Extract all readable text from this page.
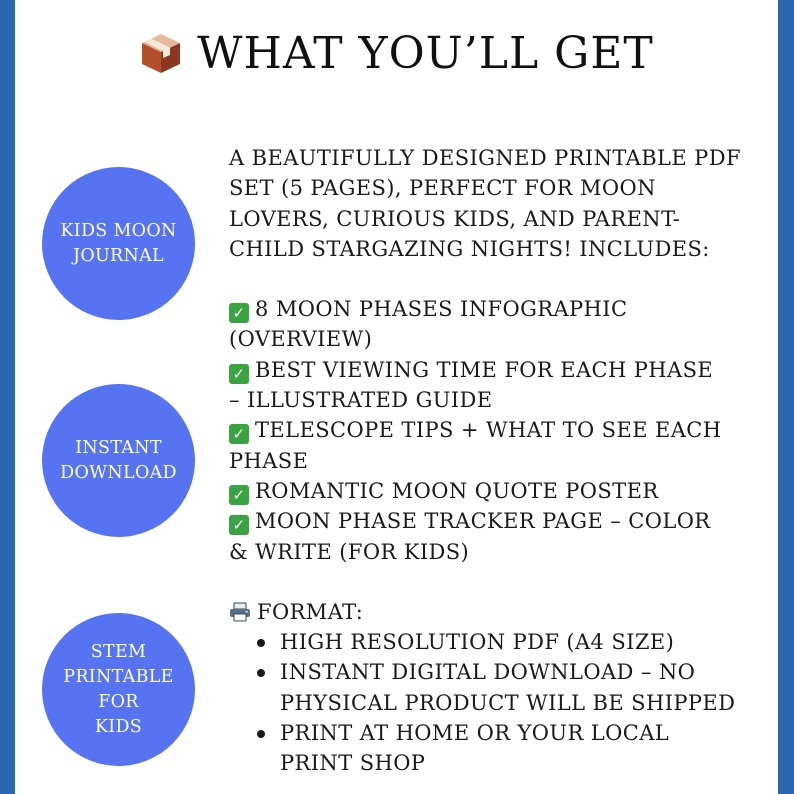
WHAT YOU’LL GET
KIDS MOON
JOURNAL
INSTANT
DOWNLOAD
STEM
PRINTABLE FOR
KIDS
A BEAUTIFULLY DESIGNED PRINTABLE PDF
SET (5 PAGES), PERFECT FOR MOON
LOVERS, CURIOUS KIDS, AND PARENT-
CHILD STARGAZING NIGHTS! INCLUDES:
✓ 8 MOON PHASES INFOGRAPHIC
(OVERVIEW)
✓ BEST VIEWING TIME FOR EACH PHASE
– ILLUSTRATED GUIDE
✓ TELESCOPE TIPS + WHAT TO SEE EACH
PHASE
✓ ROMANTIC MOON QUOTE POSTER
✓ MOON PHASE TRACKER PAGE – COLOR
& WRITE (FOR KIDS)
FORMAT:
HIGH RESOLUTION PDF (A4 SIZE)
INSTANT DIGITAL DOWNLOAD – NO
PHYSICAL PRODUCT WILL BE SHIPPED
PRINT AT HOME OR YOUR LOCAL
PRINT SHOP
